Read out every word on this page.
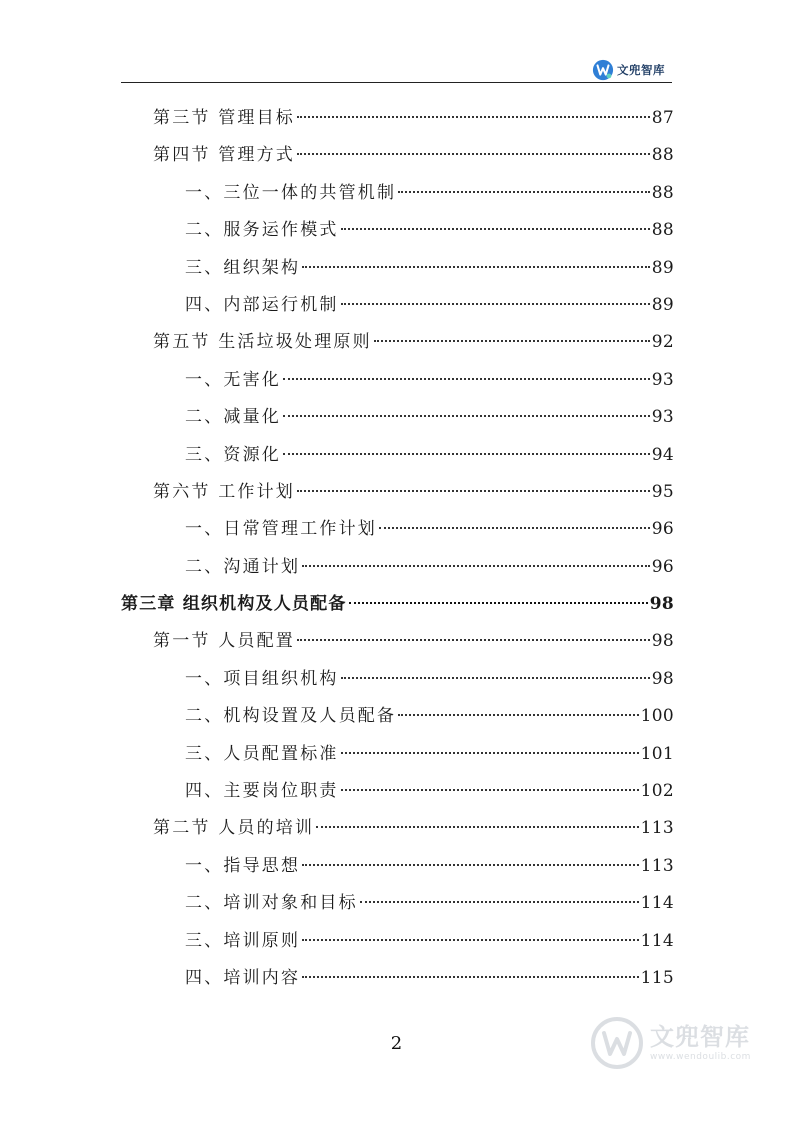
文兜智库
第三节 管理目标	87
第四节 管理方式	88
一、三位一体的共管机制	88
二、服务运作模式	88
三、组织架构	89
四、内部运行机制	89
第五节 生活垃圾处理原则	92
一、无害化	93
二、减量化	93
三、资源化	94
第六节 工作计划	95
一、日常管理工作计划	96
二、沟通计划	96
第三章 组织机构及人员配备	98
第一节 人员配置	98
一、项目组织机构	98
二、机构设置及人员配备	100
三、人员配置标准	101
四、主要岗位职责	102
第二节 人员的培训	113
一、指导思想	113
二、培训对象和目标	114
三、培训原则	114
四、培训内容	115
2	文兜智库
www.wendoulib.com
